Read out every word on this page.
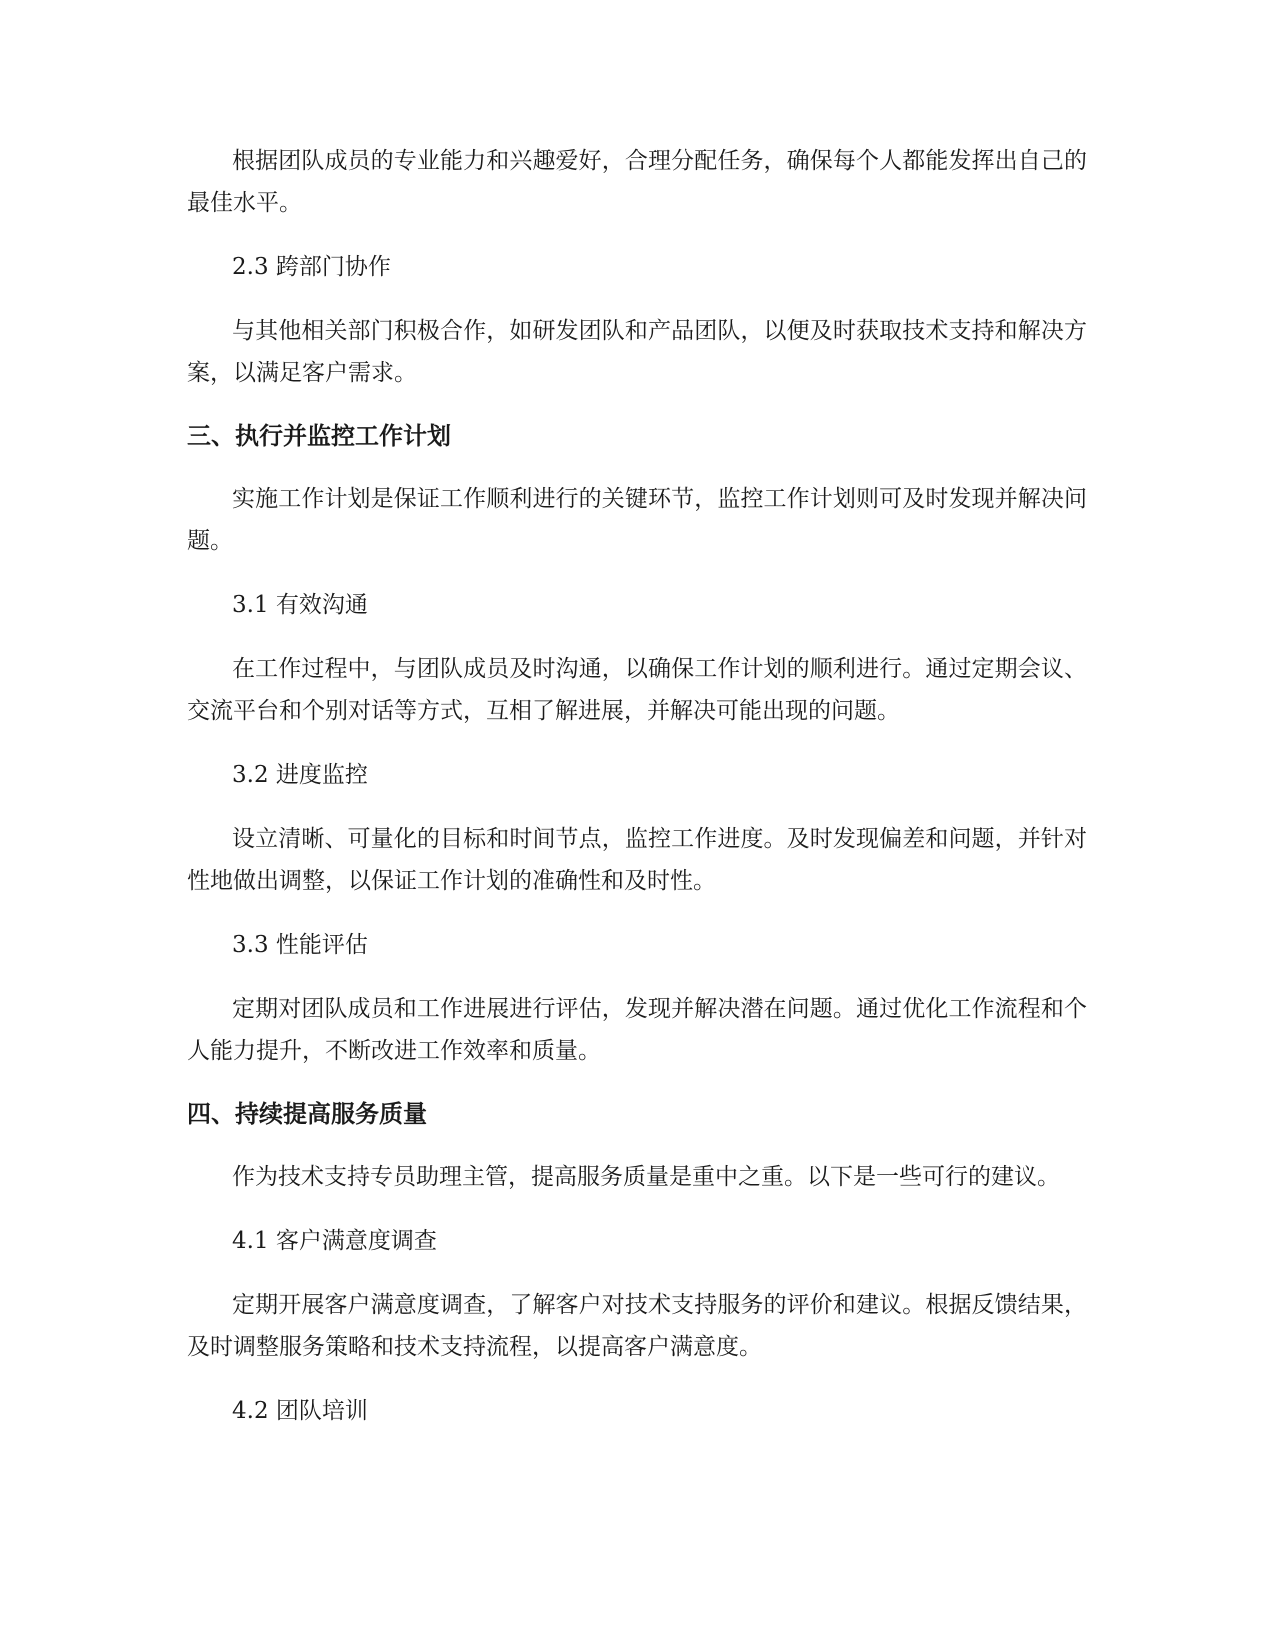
根据团队成员的专业能力和兴趣爱好，合理分配任务，确保每个人都能发挥出自己的最佳水平。

2.3 跨部门协作

与其他相关部门积极合作，如研发团队和产品团队，以便及时获取技术支持和解决方案，以满足客户需求。

三、执行并监控工作计划

实施工作计划是保证工作顺利进行的关键环节，监控工作计划则可及时发现并解决问题。

3.1 有效沟通

在工作过程中，与团队成员及时沟通，以确保工作计划的顺利进行。通过定期会议、交流平台和个别对话等方式，互相了解进展，并解决可能出现的问题。

3.2 进度监控

设立清晰、可量化的目标和时间节点，监控工作进度。及时发现偏差和问题，并针对性地做出调整，以保证工作计划的准确性和及时性。

3.3 性能评估

定期对团队成员和工作进展进行评估，发现并解决潜在问题。通过优化工作流程和个人能力提升，不断改进工作效率和质量。

四、持续提高服务质量

作为技术支持专员助理主管，提高服务质量是重中之重。以下是一些可行的建议。

4.1 客户满意度调查

定期开展客户满意度调查，了解客户对技术支持服务的评价和建议。根据反馈结果，及时调整服务策略和技术支持流程，以提高客户满意度。

4.2 团队培训
